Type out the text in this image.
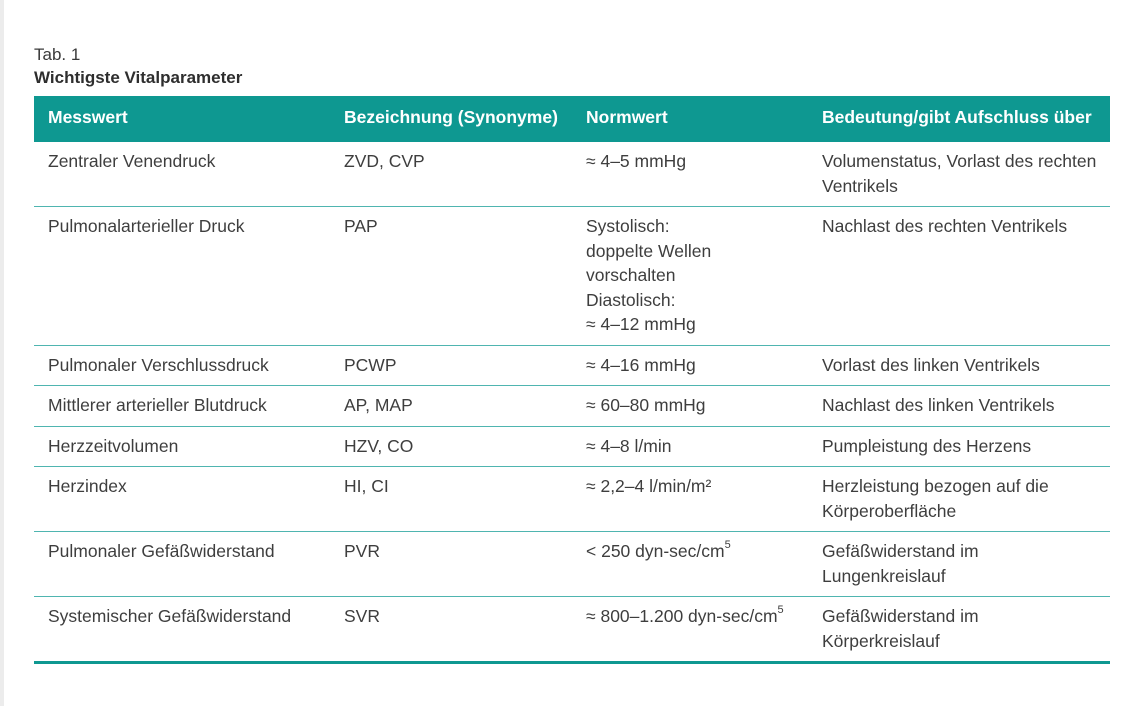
Tab. 1
Wichtigste Vitalparameter
Messwert	Bezeichnung (Synonyme)	Normwert	Bedeutung/gibt Aufschluss über
Zentraler Venendruck	ZVD, CVP	≈ 4–5 mmHg	Volumenstatus, Vorlast des rechten Ventrikels
Pulmonalarterieller Druck	PAP	Systolisch:
doppelte Wellen
vorschalten
Diastolisch:
≈ 4–12 mmHg	Nachlast des rechten Ventrikels
Pulmonaler Verschlussdruck	PCWP	≈ 4–16 mmHg	Vorlast des linken Ventrikels
Mittlerer arterieller Blutdruck	AP, MAP	≈ 60–80 mmHg	Nachlast des linken Ventrikels
Herzzeitvolumen	HZV, CO	≈ 4–8 l/min	Pumpleistung des Herzens
Herzindex	HI, CI	≈ 2,2–4 l/min/m²	Herzleistung bezogen auf die Körperoberfläche
Pulmonaler Gefäßwiderstand	PVR	< 250 dyn-$\sec/cm^5$	Gefäßwiderstand im Lungenkreislauf
Systemischer Gefäßwiderstand	SVR	≈ 800–1.200 dyn-$\sec/cm^5$	Gefäßwiderstand im Körperkreislauf
